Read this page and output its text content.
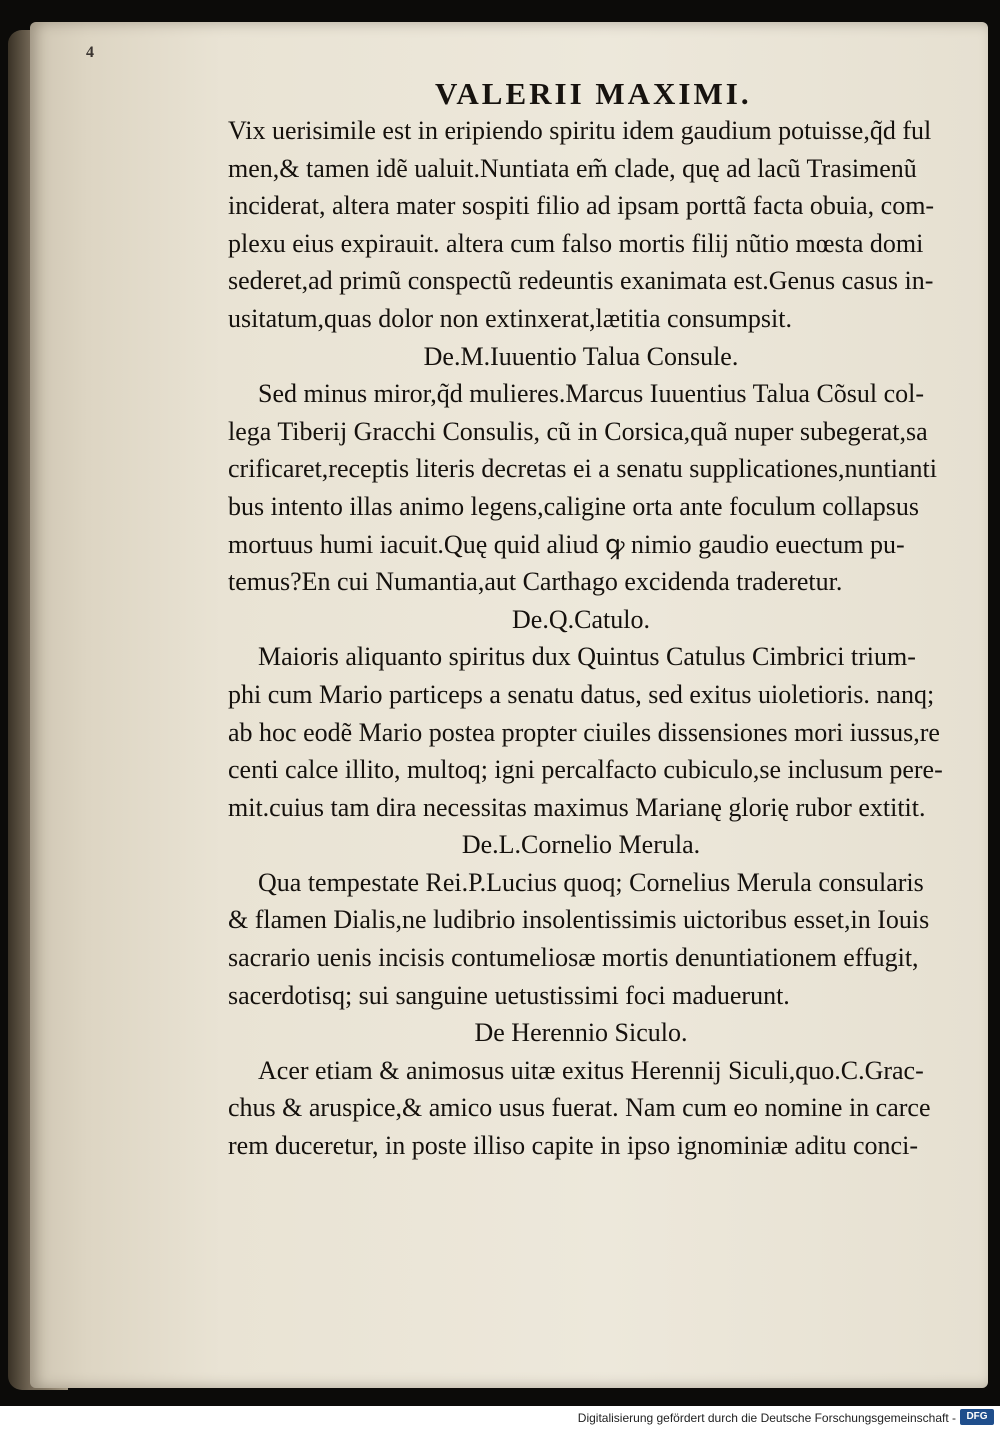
4
VALERII MAXIMI.
Vix uerisimile est in eripiendo spiritu idem gaudium potuisse,q̃d ful
men,& tamen idẽ ualuit.Nuntiata em̃ clade, quę ad lacũ Trasimenũ
inciderat, altera mater sospiti filio ad ipsam porttã facta obuia, com-
plexu eius expirauit. altera cum falso mortis filij nũtio mœsta domi
sederet,ad primũ conspectũ redeuntis exanimata est.Genus casus in-
usitatum,quas dolor non extinxerat,lætitia consumpsit.
De.M.Iuuentio Talua Consule.
Sed minus miror,q̃d mulieres.Marcus Iuuentius Talua Cõsul col-
lega Tiberij Gracchi Consulis, cũ in Corsica,quã nuper subegerat,sa
crificaret,receptis literis decretas ei a senatu supplicationes,nuntianti
bus intento illas animo legens,caligine orta ante foculum collapsus
mortuus humi iacuit.Quę quid aliud ꝙ nimio gaudio euectum pu-
temus?En cui Numantia,aut Carthago excidenda traderetur.
De.Q.Catulo.
Maioris aliquanto spiritus dux Quintus Catulus Cimbrici trium-
phi cum Mario particeps a senatu datus, sed exitus uioletioris. nanq;
ab hoc eodẽ Mario postea propter ciuiles dissensiones mori iussus,re
centi calce illito, multoq; igni percalfacto cubiculo,se inclusum pere-
mit.cuius tam dira necessitas maximus Marianę glorię rubor extitit.
De.L.Cornelio Merula.
Qua tempestate Rei.P.Lucius quoq; Cornelius Merula consularis
& flamen Dialis,ne ludibrio insolentissimis uictoribus esset,in Iouis
sacrario uenis incisis contumeliosæ mortis denuntiationem effugit,
sacerdotisq; sui sanguine uetustissimi foci maduerunt.
De Herennio Siculo.
Acer etiam & animosus uitæ exitus Herennij Siculi,quo.C.Grac-
chus & aruspice,& amico usus fuerat. Nam cum eo nomine in carce
rem duceretur, in poste illiso capite in ipso ignominiæ aditu conci-
Digitalisierung gefördert durch die Deutsche Forschungsgemeinschaft -	DFG
